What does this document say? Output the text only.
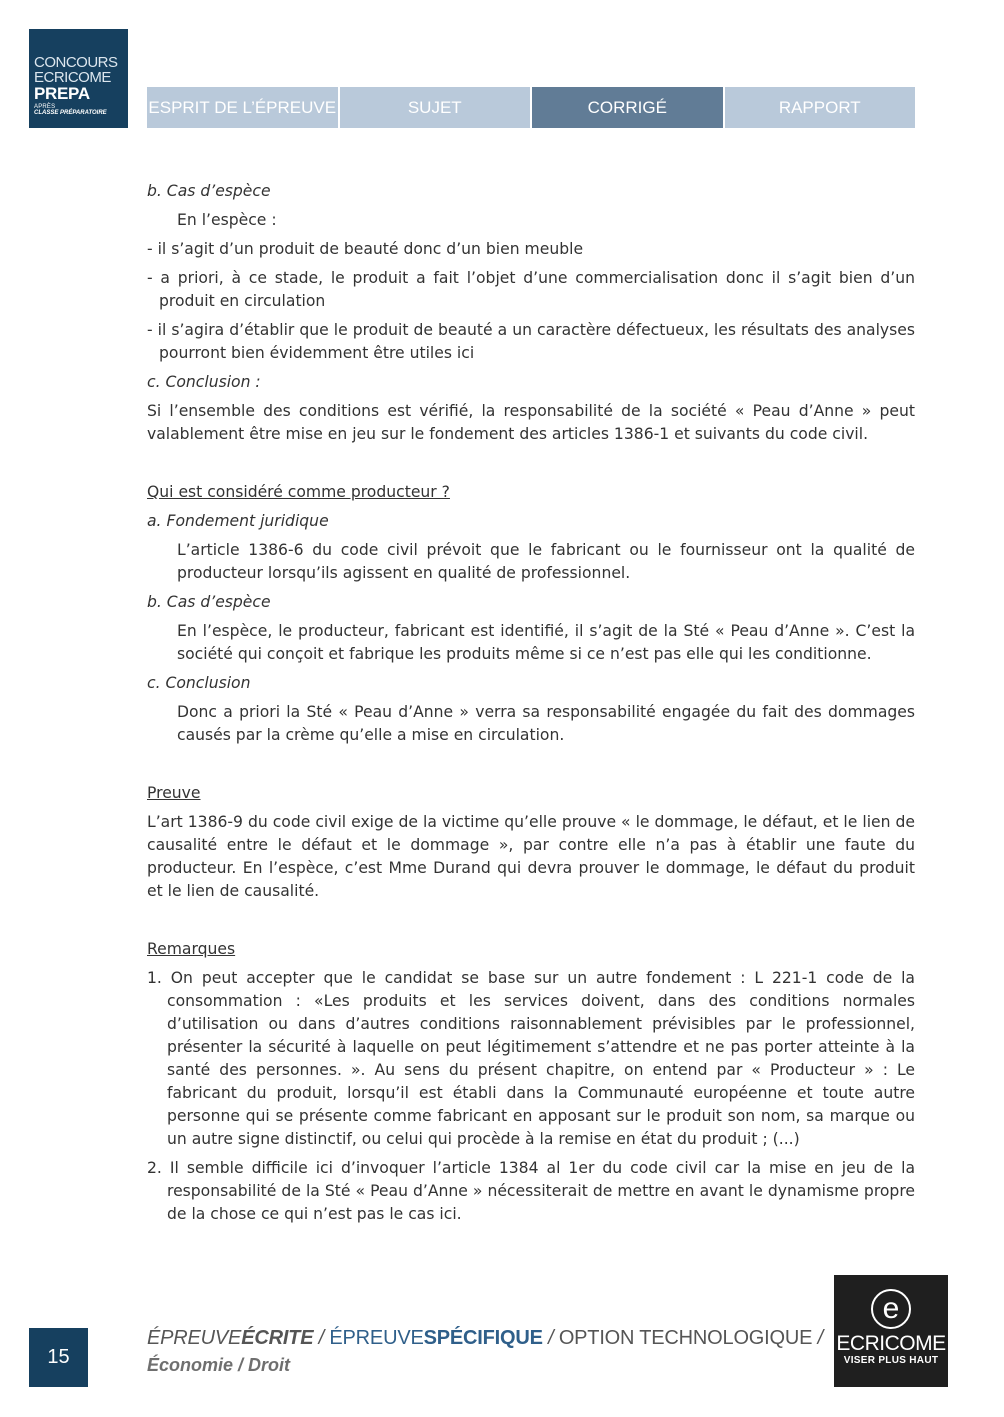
CONCOURS
ECRICOME
PREPA
APRÈS
CLASSE PRÉPARATOIRE	ESPRIT DE L’ÉPREUVE	SUJET	CORRIGÉ	RAPPORT

b. Cas d’espèce

En l’espèce :

- il s’agit d’un produit de beauté donc d’un bien meuble

- a priori, à ce stade, le produit a fait l’objet d’une commercialisation donc il s’agit bien d’un produit en circulation

- il s’agira d’établir que le produit de beauté a un caractère défectueux, les résultats des analyses pourront bien évidemment être utiles ici

c. Conclusion :

Si l’ensemble des conditions est vérifié, la responsabilité de la société « Peau d’Anne » peut valablement être mise en jeu sur le fondement des articles 1386-1 et suivants du code civil.

Qui est considéré comme producteur ?

a. Fondement juridique

L’article 1386-6 du code civil prévoit que le fabricant ou le fournisseur ont la qualité de producteur lorsqu’ils agissent en qualité de professionnel.

b. Cas d’espèce

En l’espèce, le producteur, fabricant est identifié, il s’agit de la Sté « Peau d’Anne ». C’est la société qui conçoit et fabrique les produits même si ce n’est pas elle qui les conditionne.

c. Conclusion

Donc a priori la Sté « Peau d’Anne » verra sa responsabilité engagée du fait des dommages causés par la crème qu’elle a mise en circulation.

Preuve

L’art 1386-9 du code civil exige de la victime qu’elle prouve « le dommage, le défaut, et le lien de causalité entre le défaut et le dommage », par contre elle n’a pas à établir une faute du producteur. En l’espèce, c’est Mme Durand qui devra prouver le dommage, le défaut du produit et le lien de causalité.

Remarques

1. On peut accepter que le candidat se base sur un autre fondement : L 221-1 code de la consommation : «Les produits et les services doivent, dans des conditions normales d’utilisation ou dans d’autres conditions raisonnablement prévisibles par le professionnel, présenter la sécurité à laquelle on peut légitimement s’attendre et ne pas porter atteinte à la santé des personnes. ». Au sens du présent chapitre, on entend par « Producteur » : Le fabricant du produit, lorsqu’il est établi dans la Communauté européenne et toute autre personne qui se présente comme fabricant en apposant sur le produit son nom, sa marque ou un autre signe distinctif, ou celui qui procède à la remise en état du produit ; (...)

2. Il semble difficile ici d’invoquer l’article 1384 al 1er du code civil car la mise en jeu de la responsabilité de la Sté « Peau d’Anne » nécessiterait de mettre en avant le dynamisme propre de la chose ce qui n’est pas le cas ici.

15
ÉPREUVEÉCRITE / ÉPREUVESPÉCIFIQUE / OPTION TECHNOLOGIQUE /
Économie / Droit
e
ECRICOME
VISER PLUS HAUT
